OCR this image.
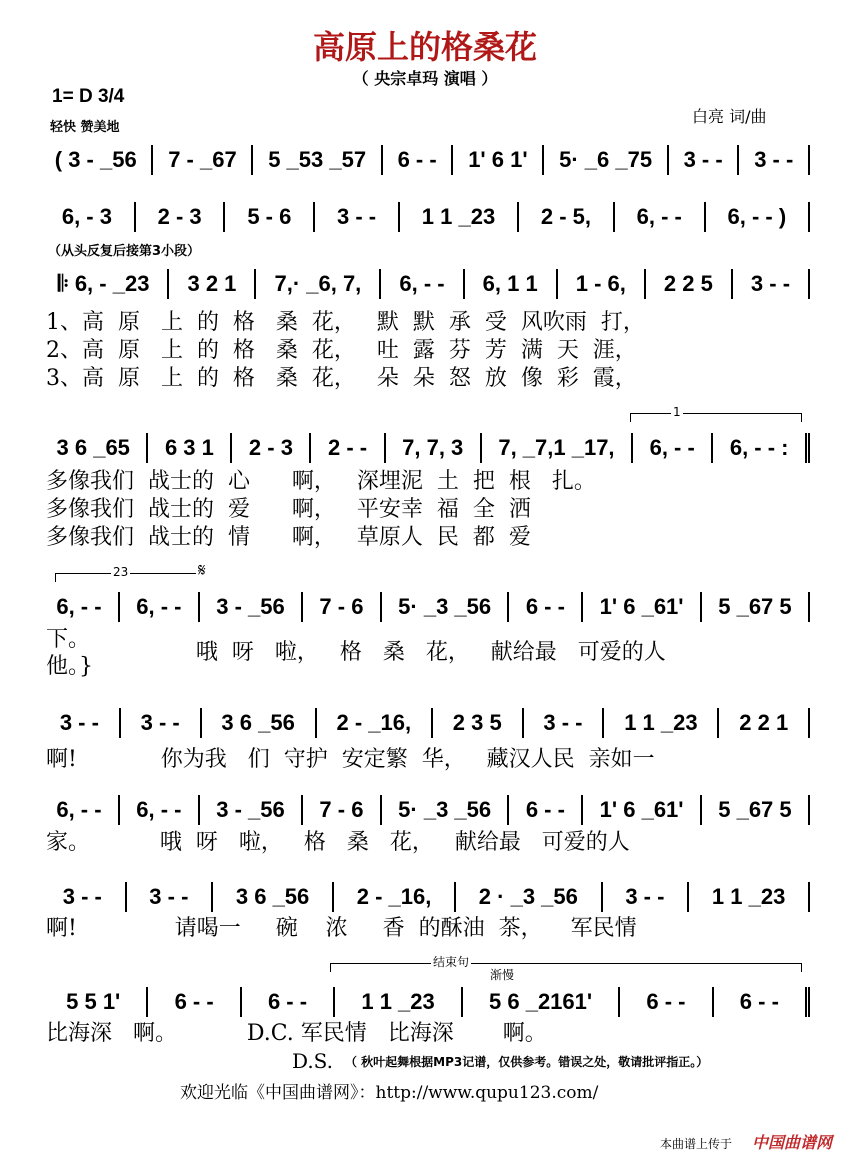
高原上的格桑花
（ 央宗卓玛 演唱 ）
1= D 3/4
轻快 赞美地
白亮 词/曲
( 3 - _56	7 - _67	5 _53 _57	6 - -	1' 6 1'	5· _6 _75	3 - -	3 - -
6, - 3	2 - 3	5 - 6	3 - -	1 1 _23	2 - 5,	6, - -	6, - - )
（从头反复后接第3小段）
𝄆 6, - _23	3 2 1	7,· _6, 7,	6, - -	6, 1 1	1 - 6,	2 2 5	3 - -
1、高  原   上  的  格   桑  花，   默  默  承  受  风吹雨  打，
2、高  原   上  的  格   桑  花，   吐  露  芬  芳  满  天  涯，
3、高  原   上  的  格   桑  花，   朵  朵  怒  放  像  彩  霞，
1
3 6 _65	6 3 1	2 - 3	2 - -	7, 7, 3	7, _7,1 _17,	6, - -	6, - - :
多像我们  战士的  心      啊，   深埋泥  土  把  根   扎。
多像我们  战士的  爱      啊，   平安幸  福  全  洒
多像我们  战士的  情      啊，   草原人  民  都  爱
23	𝄋
6, - -	6, - -	3 - _56	7 - 6	5· _3 _56	6 - -	1' 6 _61'	5 _67 5
下。
他。}
哦  呀   啦，   格   桑   花，   献给最   可爱的人
3 - -	3 - -	3 6 _56	2 - _16,	2 3 5	3 - -	1 1 _23	2 2 1
啊!            你为我   们  守护  安定繁  华，   藏汉人民  亲如一
6, - -	6, - -	3 - _56	7 - 6	5· _3 _56	6 - -	1' 6 _61'	5 _67 5
家。          哦  呀   啦，   格   桑   花，   献给最   可爱的人
3 - -	3 - -	3 6 _56	2 - _16,	2 · _3 _56	3 - -	1 1 _23
啊!              请喝一     碗    浓     香  的酥油  茶，    军民情
结束句
渐慢
5 5 1'	6 - -	6 - -	1 1 _23	5 6 _2161'	6 - -	6 - -
比海深   啊。          D.C. 军民情   比海深       啊。
D.S. （ 秋叶起舞根据MP3记谱，仅供参考。错误之处，敬请批评指正。）
欢迎光临《中国曲谱网》：http://www.qupu123.com/
本曲谱上传于 中国曲谱网
